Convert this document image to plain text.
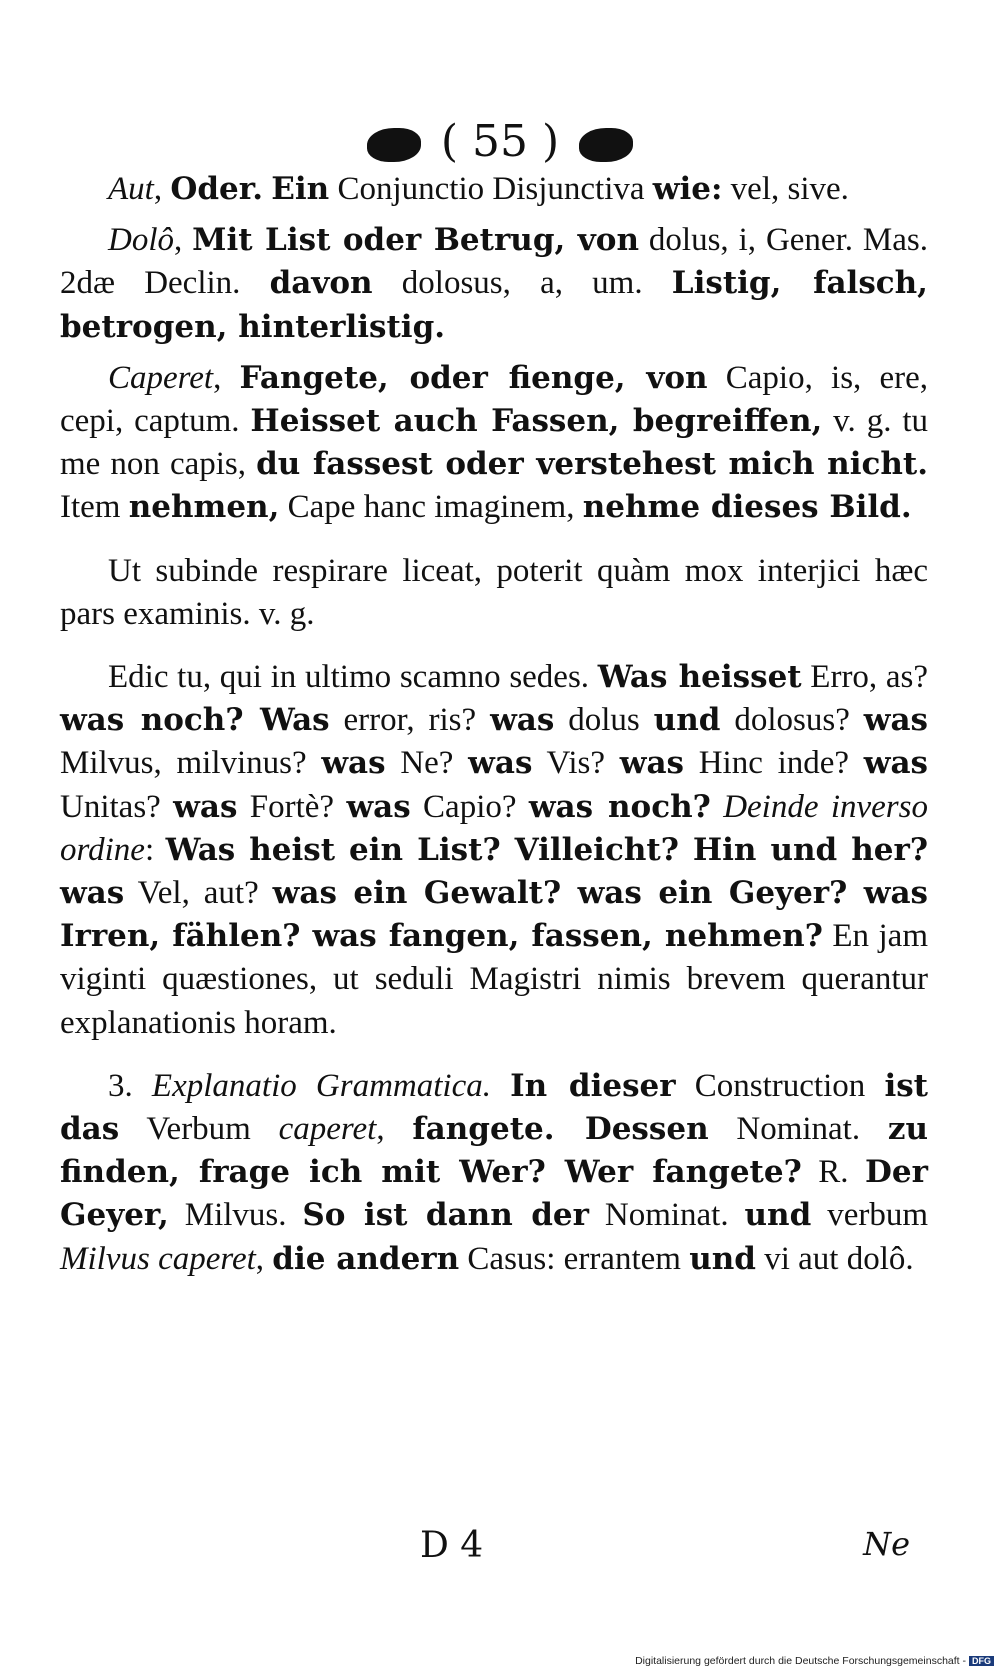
( 55 )

Aut, Oder. Ein Conjunctio Disjunctiva wie: vel, sive.

Dolô, Mit List oder Betrug, von dolus, i, Gener. Mas. 2dæ Declin. davon dolosus, a, um. Listig, falsch, betrogen, hinterlistig.

Caperet, Fangete, oder fienge, von Capio, is, ere, cepi, captum. Heisset auch Fassen, begreiffen, v. g. tu me non capis, du fassest oder verstehest mich nicht. Item nehmen, Cape hanc imaginem, nehme dieses Bild.

Ut subinde respirare liceat, poterit quàm mox interjici hæc pars examinis. v. g.

Edic tu, qui in ultimo scamno sedes. Was heisset Erro, as? was noch? Was error, ris? was dolus und dolosus? was Milvus, milvinus? was Ne? was Vis? was Hinc inde? was Unitas? was Fortè? was Capio? was noch? Deinde inverso ordine: Was heist ein List? Villeicht? Hin und her? was Vel, aut? was ein Gewalt? was ein Geyer? was Irren, fählen? was fangen, fassen, nehmen? En jam viginti quæstiones, ut seduli Magistri nimis brevem querantur explanationis horam.

3. Explanatio Grammatica. In dieser Construction ist das Verbum caperet, fangete. Dessen Nominat. zu finden, frage ich mit Wer? Wer fangete? R. Der Geyer, Milvus. So ist dann der Nominat. und verbum Milvus caperet, die andern Casus: errantem und vi aut dolô.

D 4	Ne
Digitalisierung gefördert durch die Deutsche Forschungsgemeinschaft - DFG
